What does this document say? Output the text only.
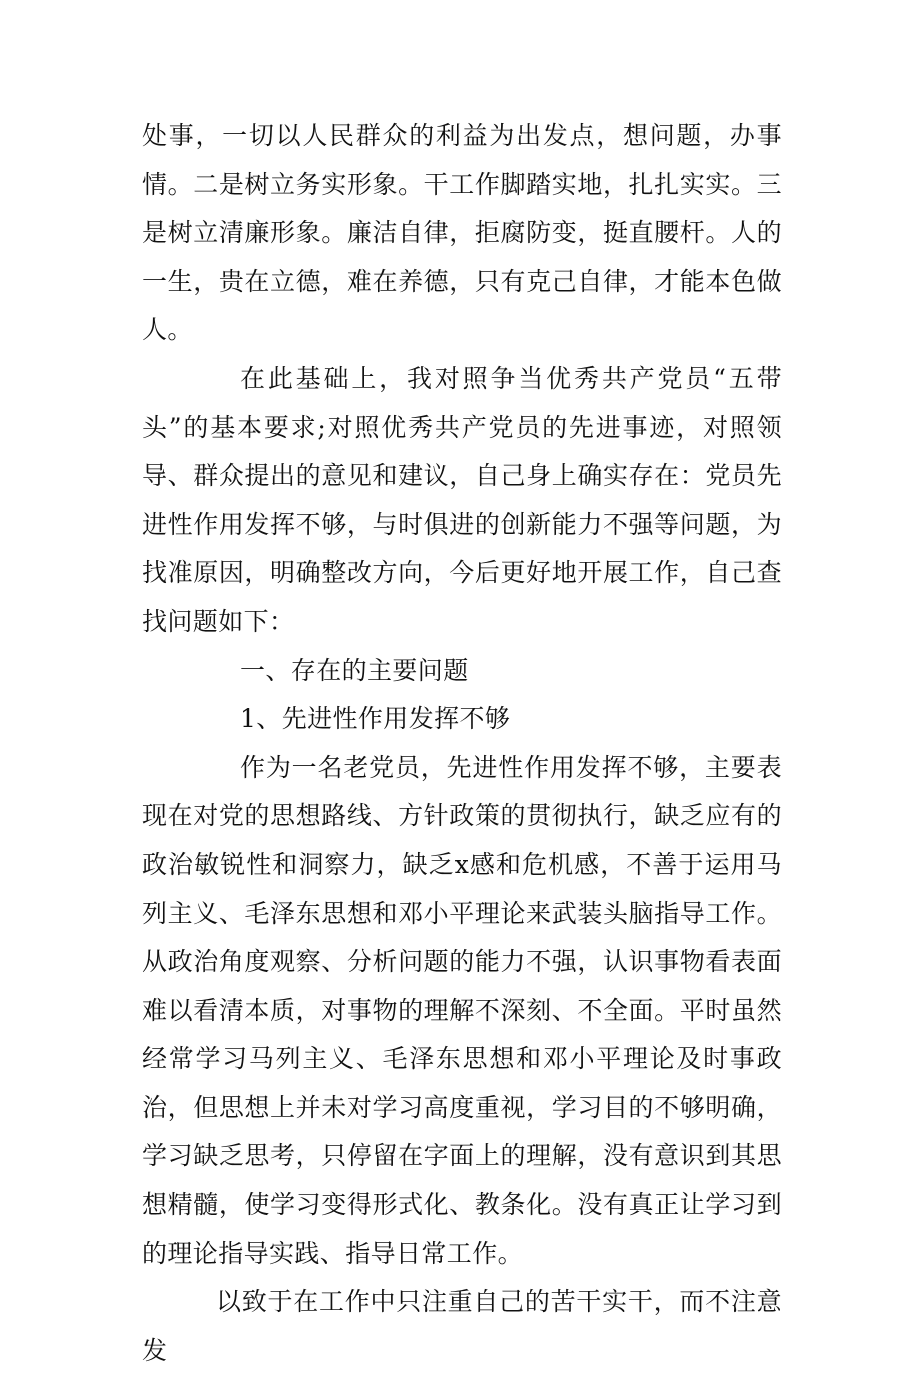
处事，一切以人民群众的利益为出发点，想问题，办事情。二是树立务实形象。干工作脚踏实地，扎扎实实。三是树立清廉形象。廉洁自律，拒腐防变，挺直腰杆。人的一生，贵在立德，难在养德，只有克己自律，才能本色做人。

在此基础上，我对照争当优秀共产党员“五带头”的基本要求;对照优秀共产党员的先进事迹，对照领导、群众提出的意见和建议，自己身上确实存在：党员先进性作用发挥不够，与时俱进的创新能力不强等问题，为找准原因，明确整改方向，今后更好地开展工作，自己查找问题如下：

一、存在的主要问题

1、先进性作用发挥不够

作为一名老党员，先进性作用发挥不够，主要表现在对党的思想路线、方针政策的贯彻执行，缺乏应有的政治敏锐性和洞察力，缺乏x感和危机感，不善于运用马列主义、毛泽东思想和邓小平理论来武装头脑指导工作。从政治角度观察、分析问题的能力不强，认识事物看表面难以看清本质，对事物的理解不深刻、不全面。平时虽然经常学习马列主义、毛泽东思想和邓小平理论及时事政治，但思想上并未对学习高度重视，学习目的不够明确，学习缺乏思考，只停留在字面上的理解，没有意识到其思想精髓，使学习变得形式化、教条化。没有真正让学习到的理论指导实践、指导日常工作。

以致于在工作中只注重自己的苦干实干，而不注意发
